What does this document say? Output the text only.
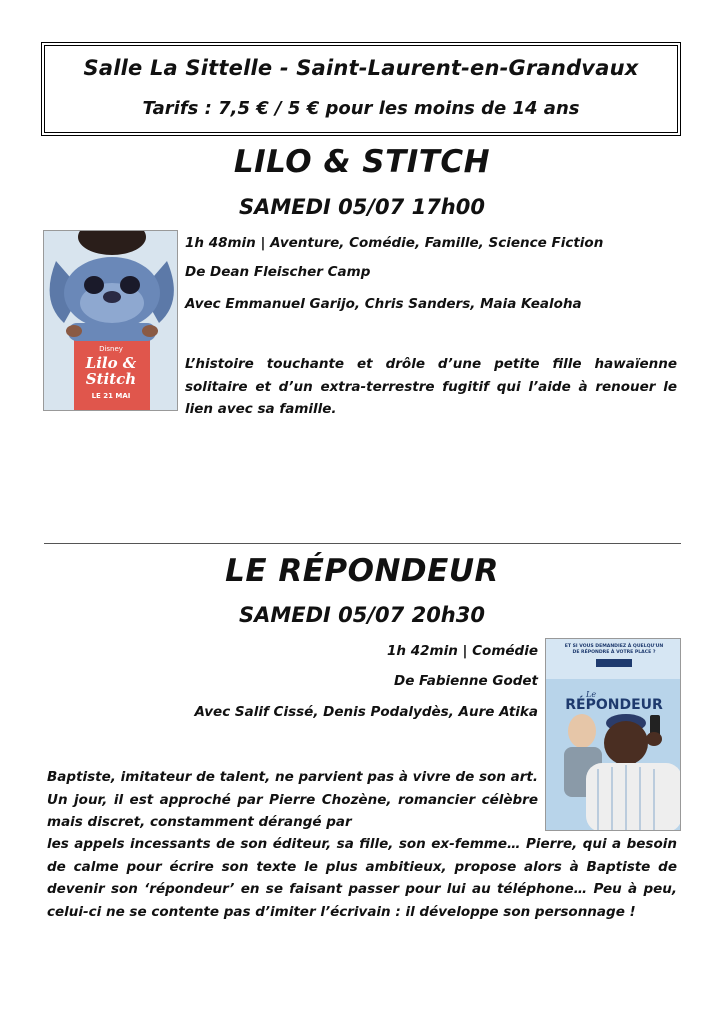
Salle La Sittelle - Saint-Laurent-en-Grandvaux
Tarifs : 7,5 € / 5 € pour les moins de 14 ans
LILO & STITCH
SAMEDI 05/07 17h00
Disney
Lilo &
Stitch
LE 21 MAI
1h 48min | Aventure, Comédie, Famille, Science Fiction
De Dean Fleischer Camp
Avec Emmanuel Garijo, Chris Sanders, Maia Kealoha
L’histoire touchante et drôle d’une petite fille hawaïenne solitaire et d’un extra-terrestre fugitif qui l’aide à renouer le lien avec sa famille.
LE RÉPONDEUR
SAMEDI 05/07 20h30
ET SI VOUS DEMANDIEZ À QUELQU'UN
DE RÉPONDRE À VOTRE PLACE ?
RÉPONDEUR
Le
1h 42min | Comédie
De Fabienne Godet
Avec Salif Cissé, Denis Podalydès, Aure Atika
Baptiste, imitateur de talent, ne parvient pas à vivre de son art. Un jour, il est approché par Pierre Chozène, romancier célèbre mais discret, constamment dérangé par
les appels incessants de son éditeur, sa fille, son ex-femme… Pierre, qui a besoin de calme pour écrire son texte le plus ambitieux, propose alors à Baptiste de devenir son ‘répondeur’ en se faisant passer pour lui au téléphone… Peu à peu, celui-ci ne se contente pas d’imiter l’écrivain : il développe son personnage !
